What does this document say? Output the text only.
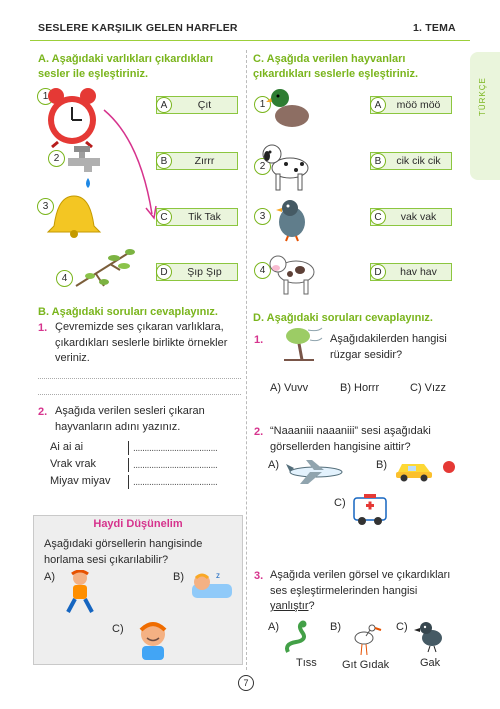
SESLERE KARŞILIK GELEN HARFLER	1. TEMA
TÜRKÇE
A. Aşağıdaki varlıkları çıkardıkları sesler ile eşleştiriniz.
1
2
3
4
A	Çıt
B	Zırrr
C	Tik Tak
D	Şıp Şıp
C. Aşağıda verilen hayvanları çıkardıkları seslerle eşleştiriniz.
1
2
3
4
A	möö möö
B	cik cik cik
C	vak vak
D	hav hav
B. Aşağıdaki soruları cevaplayınız.
1. Çevremizde ses çıkaran varlıklara, çıkardıkları seslerle birlikte örnekler veriniz.
2. Aşağıda verilen sesleri çıkaran hayvanların adını yazınız.
Ai ai ai	.....................................
Vrak vrak	.....................................
Miyav miyav .....................................
Haydi Düşünelim
Aşağıdaki görsellerin hangisinde horlama sesi çıkarılabilir?
A)	B)	z
C)
D. Aşağıdaki soruları cevaplayınız.
1.	Aşağıdakilerden hangisi rüzgar sesidir?
A) Vuvv	B) Horrr	C) Vızz
2. “Naaaniii naaaniii” sesi aşağıdaki görsellerden hangisine aittir?
A)	B)
C)
3. Aşağıda verilen görsel ve çıkardıkları ses eşleştirmelerinden hangisi yanlıştır?
A)
Tıss
B)
Gıt Gıdak
C)
Gak
7
